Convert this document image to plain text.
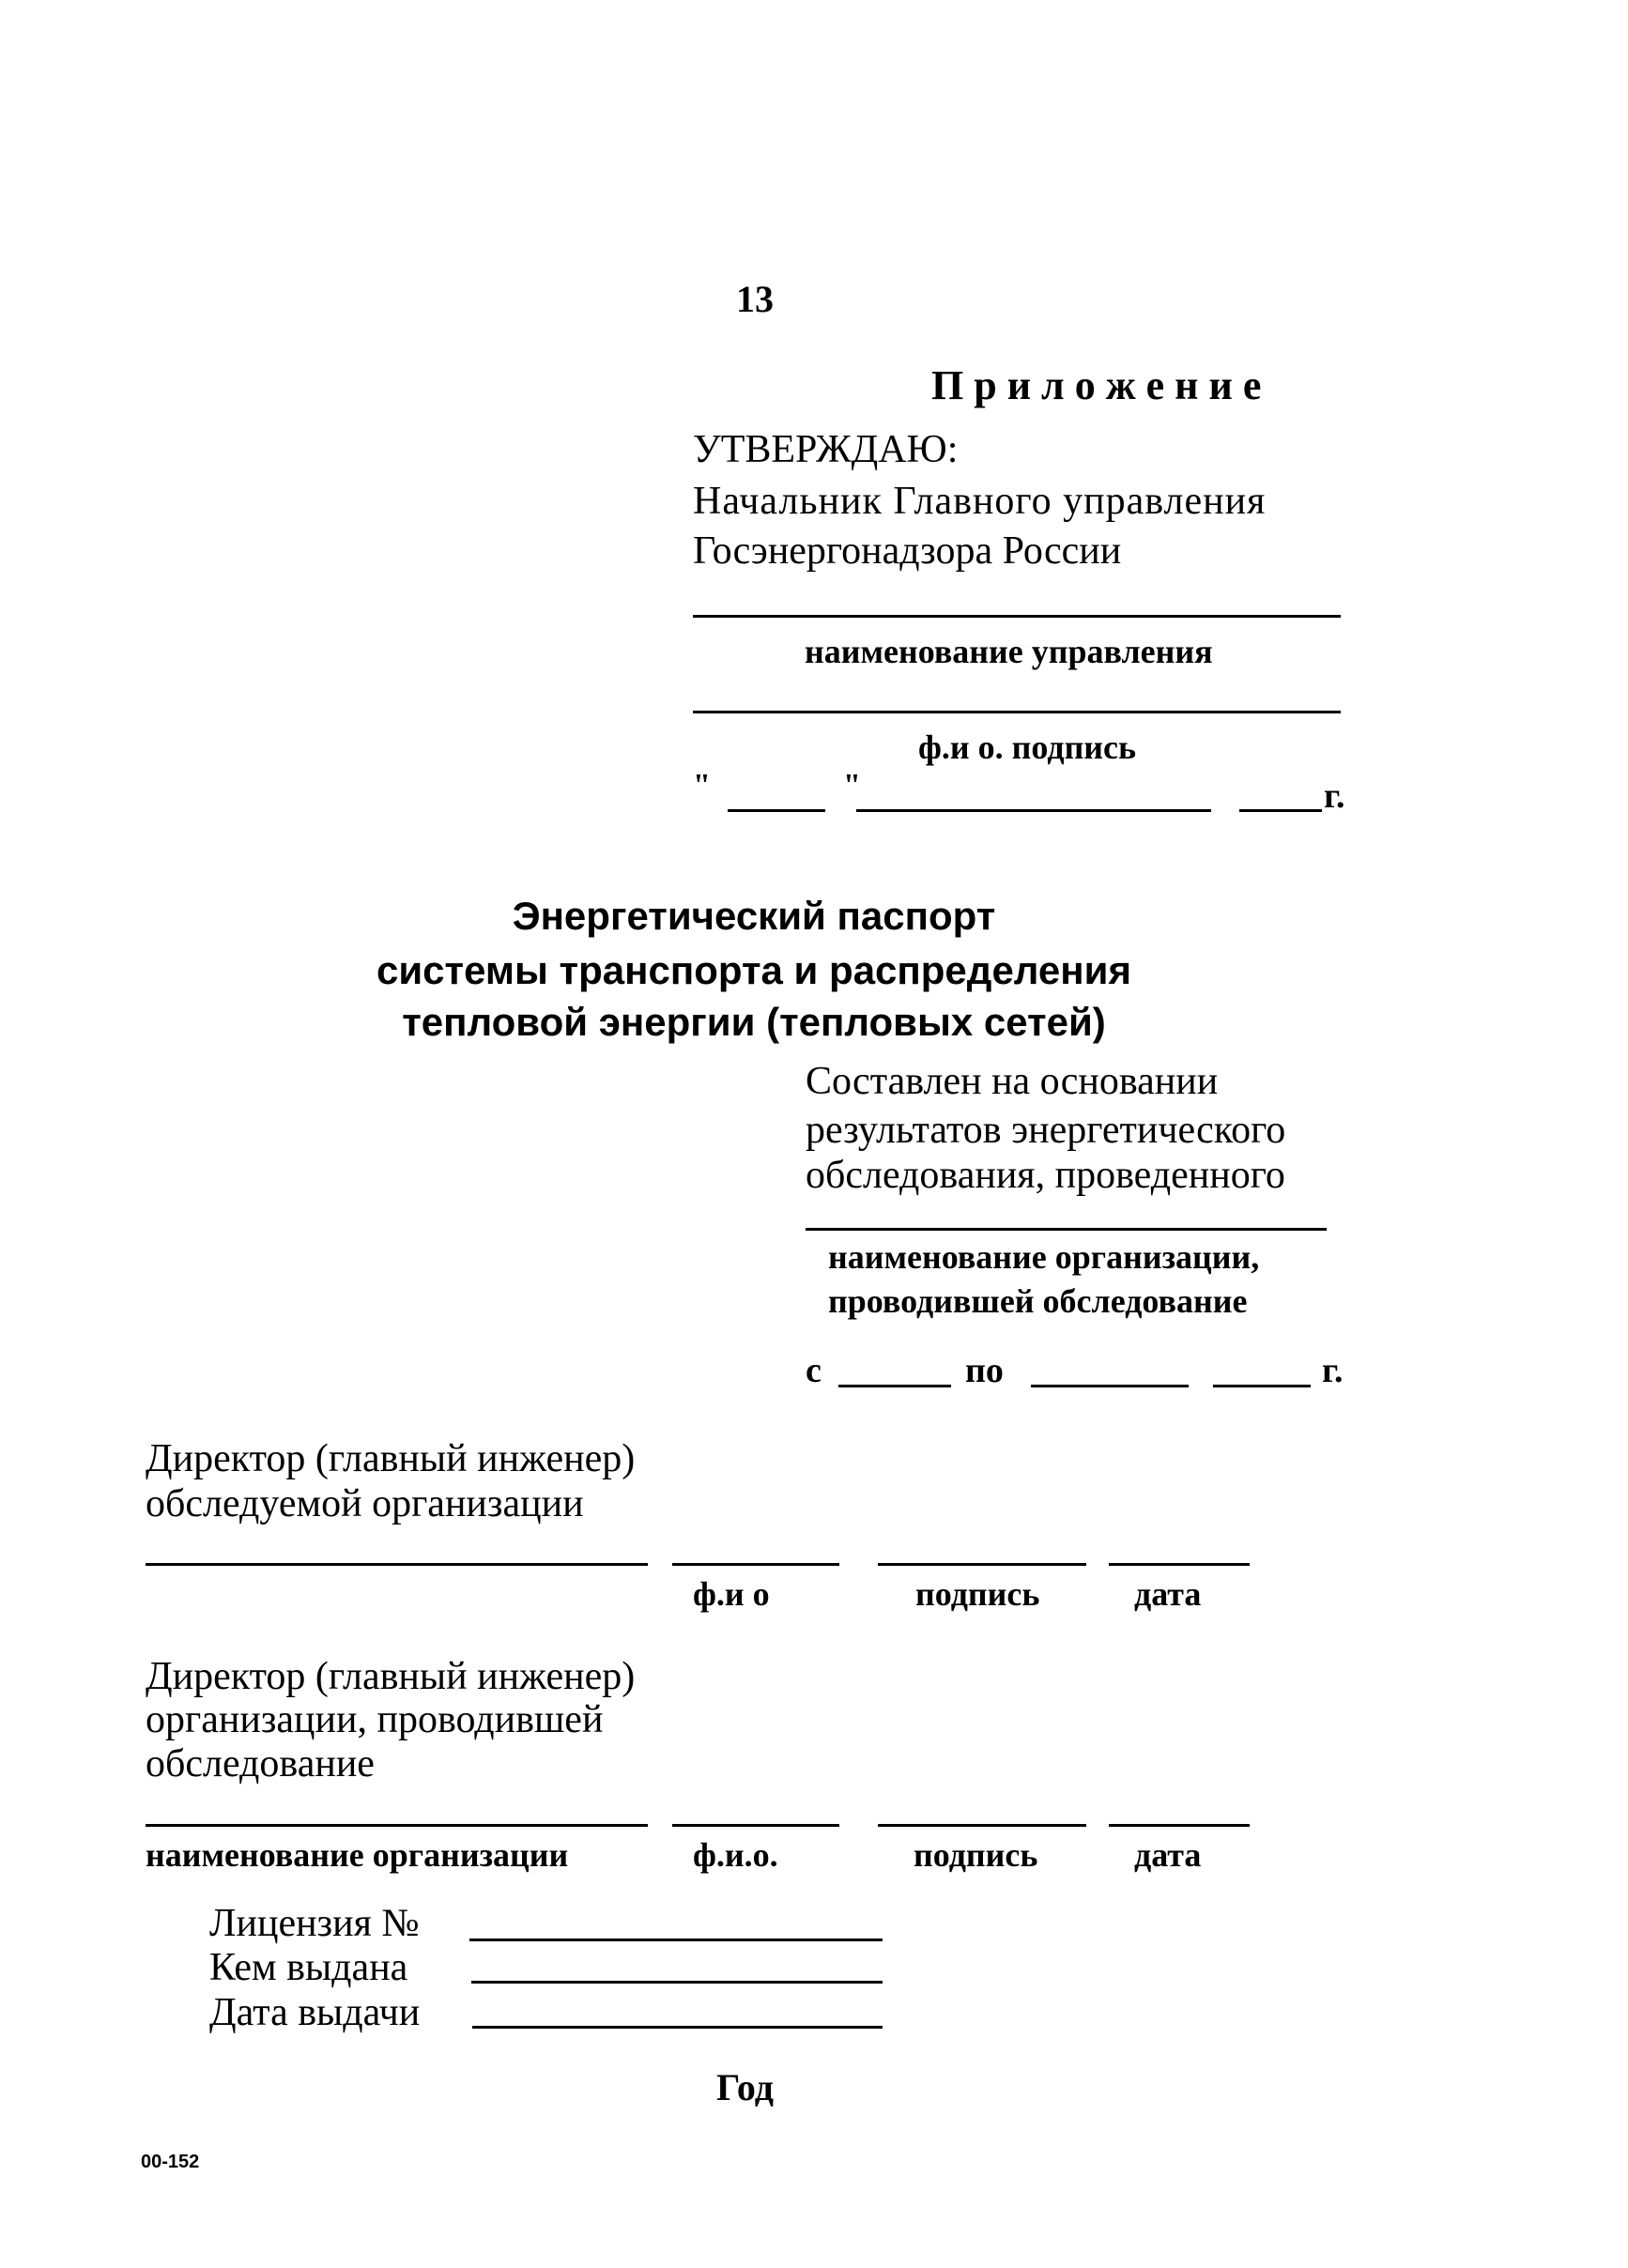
13
П р и л о ж е н и е
УТВЕРЖДАЮ:
Начальник Главного управления
Госэнергонадзора России
наименование управления
ф.и о. подпись
"	"	г.
Энергетический паспорт
системы транспорта и распределения
тепловой энергии (тепловых сетей)
Составлен на основании
результатов энергетического
обследования, проведенного
наименование организации,
проводившей обследование
с	по	г.
Директор (главный инженер)
обследуемой организации
ф.и о	подпись	дата
Директор (главный инженер)
организации, проводившей
обследование
наименование организации	ф.и.о.	подпись	дата
Лицензия №
Кем выдана
Дата выдачи
Год
00-152
